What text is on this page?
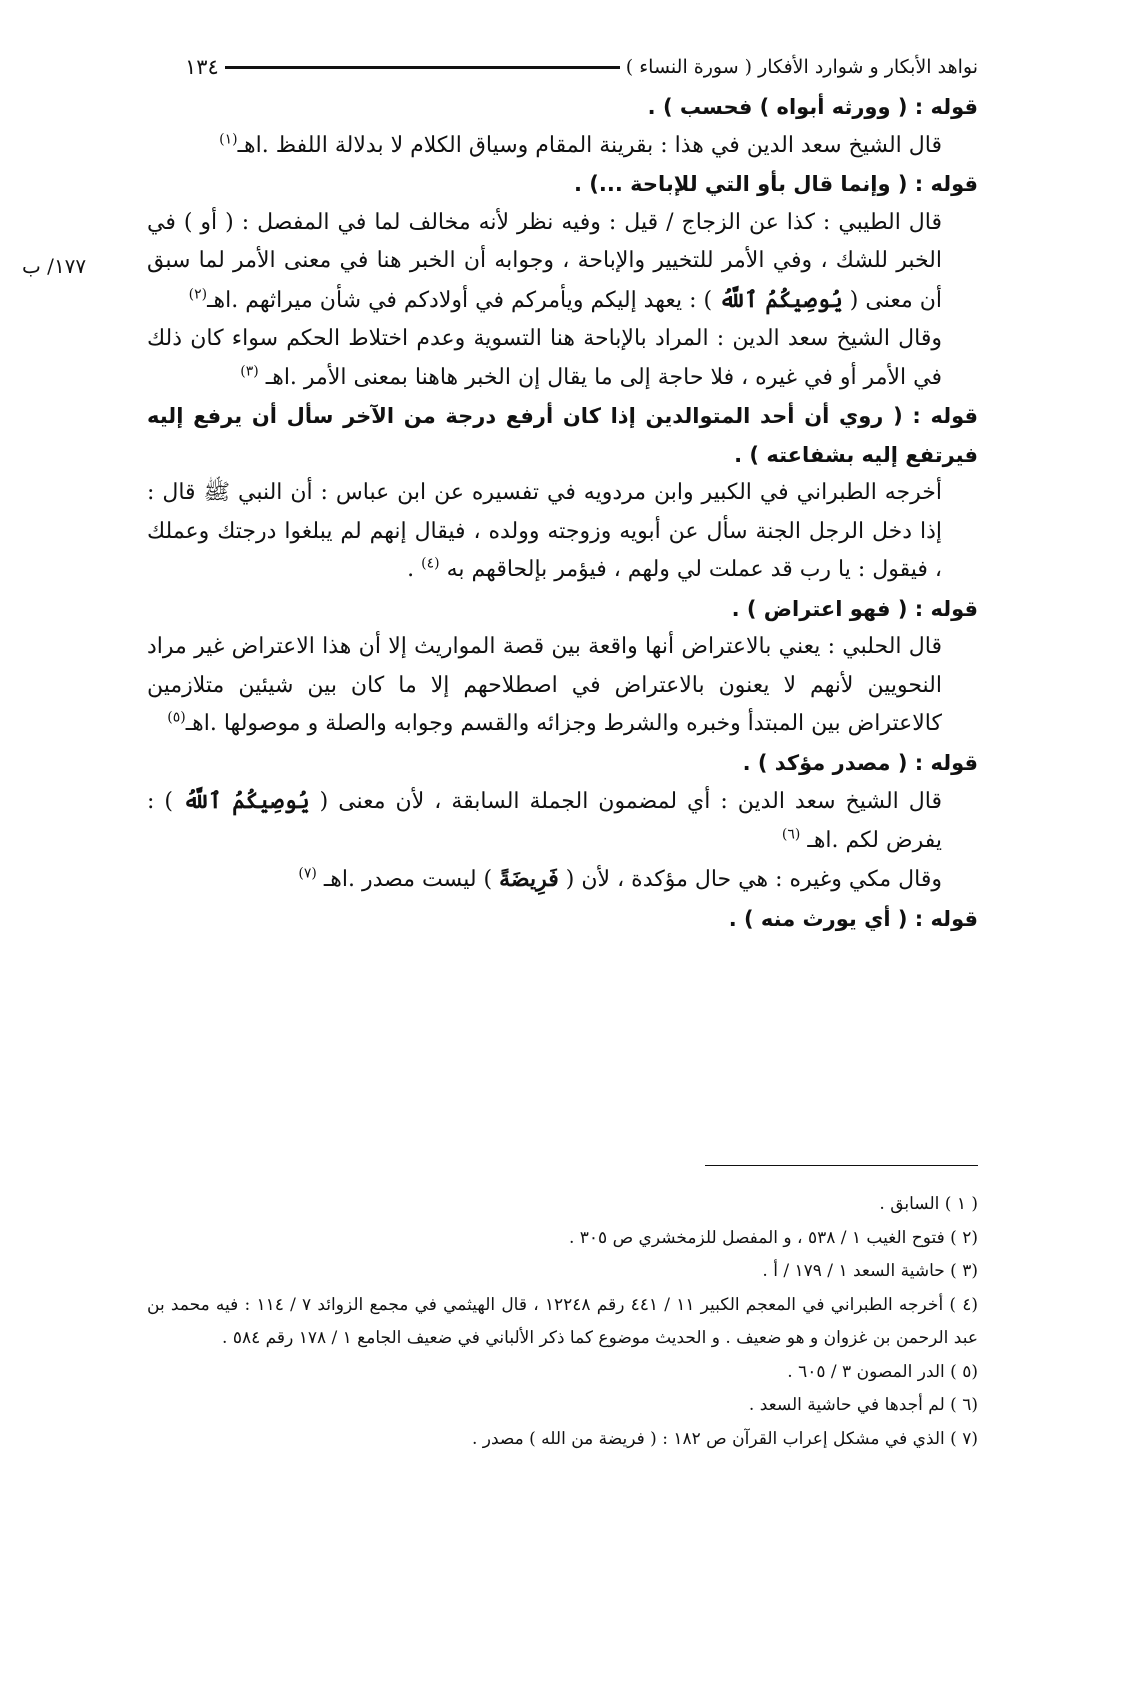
نواهد الأبكار و شوارد الأفكار ( سورة النساء )
١٣٤
١٧٧/ ب

قوله : ( وورثه أبواه ) فحسب ) .

قال الشيخ سعد الدين في هذا : بقرينة المقام وسياق الكلام لا بدلالة اللفظ .اهـ$^{(١)}$

قوله : ( وإنما قال بأو التي للإباحة ...) .

قال الطيبي : كذا عن الزجاج / قيل : وفيه نظر لأنه مخالف لما في المفصل : ( أو ) في الخبر للشك ، وفي الأمر للتخيير والإباحة ، وجوابه أن الخبر هنا في معنى الأمر لما سبق أن معنى ( يُوصِيكُمُ ٱللَّهُ ) : يعهد إليكم ويأمركم في أولادكم في شأن ميراثهم .اهـ$^{(٢)}$

وقال الشيخ سعد الدين : المراد بالإباحة هنا التسوية وعدم اختلاط الحكم سواء كان ذلك في الأمر أو في غيره ، فلا حاجة إلى ما يقال إن الخبر هاهنا بمعنى الأمر .اهـ $^{(٣)}$

قوله : ( روي أن أحد المتوالدين إذا كان أرفع درجة من الآخر سأل أن يرفع إليه فيرتفع إليه بشفاعته ) .

أخرجه الطبراني في الكبير وابن مردويه في تفسيره عن ابن عباس : أن النبي ﷺ قال : إذا دخل الرجل الجنة سأل عن أبويه وزوجته وولده ، فيقال إنهم لم يبلغوا درجتك وعملك ، فيقول : يا رب قد عملت لي ولهم ، فيؤمر بإلحاقهم به $^{(٤)}$ .

قوله : ( فهو اعتراض ) .

قال الحلبي : يعني بالاعتراض أنها واقعة بين قصة المواريث إلا أن هذا الاعتراض غير مراد النحويين لأنهم لا يعنون بالاعتراض في اصطلاحهم إلا ما كان بين شيئين متلازمين كالاعتراض بين المبتدأ وخبره والشرط وجزائه والقسم وجوابه والصلة و موصولها .اهـ$^{(٥)}$

قوله : ( مصدر مؤكد ) .

قال الشيخ سعد الدين : أي لمضمون الجملة السابقة ، لأن معنى ( يُوصِيكُمُ ٱللَّهُ ) : يفرض لكم .اهـ $^{(٦)}$

وقال مكي وغيره : هي حال مؤكدة ، لأن ( فَرِيضَةً ) ليست مصدر .اهـ $^{(٧)}$

قوله : ( أي يورث منه ) .

( ١ ) السابق .

(٢ ) فتوح الغيب ١ / ٥٣٨ ، و المفصل للزمخشري ص ٣٠٥ .

(٣ ) حاشية السعد ١ / ١٧٩ / أ .

(٤ ) أخرجه الطبراني في المعجم الكبير ١١ / ٤٤١ رقم ١٢٢٤٨ ، قال الهيثمي في مجمع الزوائد ٧ / ١١٤ : فيه محمد بن عبد الرحمن بن غزوان و هو ضعيف . و الحديث موضوع كما ذكر الألباني في ضعيف الجامع ١ / ١٧٨ رقم ٥٨٤ .

(٥ ) الدر المصون ٣ / ٦٠٥ .

(٦ ) لم أجدها في حاشية السعد .

(٧ ) الذي في مشكل إعراب القرآن ص ١٨٢ : ( فريضة من الله ) مصدر .
